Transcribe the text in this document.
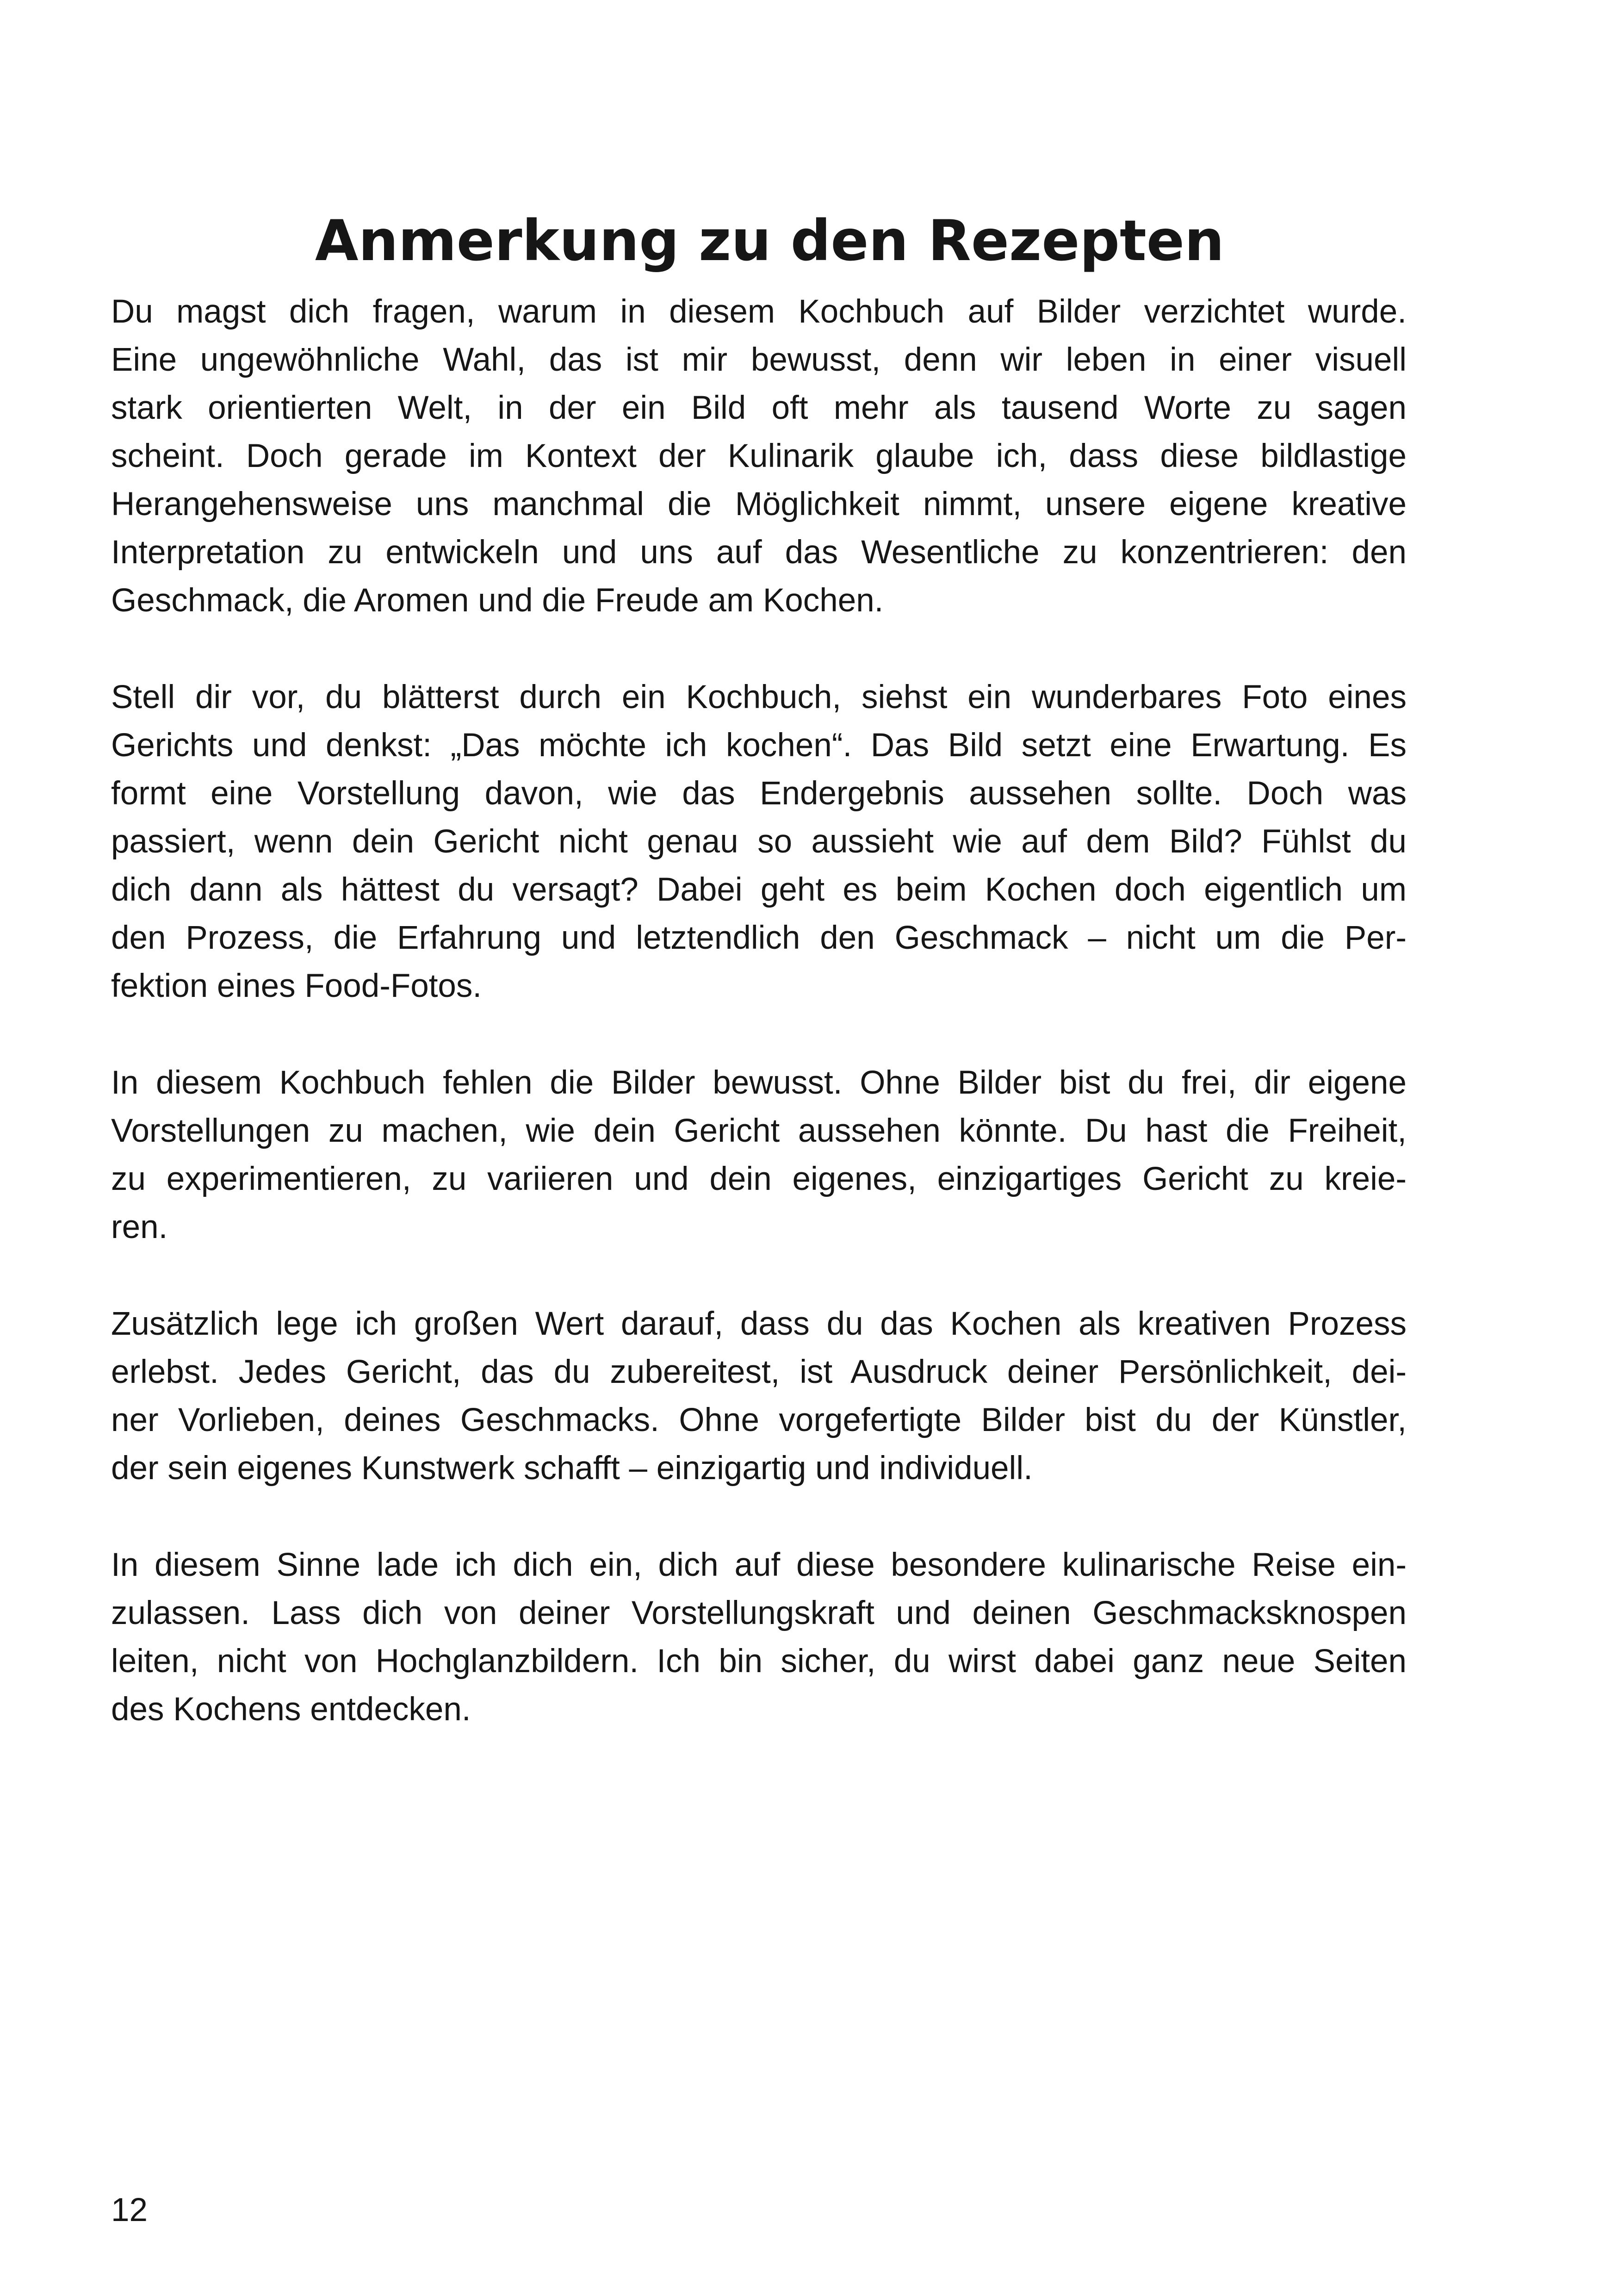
Anmerkung zu den Rezepten
Du magst dich fragen, warum in diesem Kochbuch auf Bilder verzichtet wurde.
Eine ungewöhnliche Wahl, das ist mir bewusst, denn wir leben in einer visuell
stark orientierten Welt, in der ein Bild oft mehr als tausend Worte zu sagen
scheint. Doch gerade im Kontext der Kulinarik glaube ich, dass diese bildlastige
Herangehensweise uns manchmal die Möglichkeit nimmt, unsere eigene kreative
Interpretation zu entwickeln und uns auf das Wesentliche zu konzentrieren: den
Geschmack, die Aromen und die Freude am Kochen.
Stell dir vor, du blätterst durch ein Kochbuch, siehst ein wunderbares Foto eines
Gerichts und denkst: „Das möchte ich kochen“. Das Bild setzt eine Erwartung. Es
formt eine Vorstellung davon, wie das Endergebnis aussehen sollte. Doch was
passiert, wenn dein Gericht nicht genau so aussieht wie auf dem Bild? Fühlst du
dich dann als hättest du versagt? Dabei geht es beim Kochen doch eigentlich um
den Prozess, die Erfahrung und letztendlich den Geschmack – nicht um die Per-
fektion eines Food-Fotos.
In diesem Kochbuch fehlen die Bilder bewusst. Ohne Bilder bist du frei, dir eigene
Vorstellungen zu machen, wie dein Gericht aussehen könnte. Du hast die Freiheit,
zu experimentieren, zu variieren und dein eigenes, einzigartiges Gericht zu kreie-
ren.
Zusätzlich lege ich großen Wert darauf, dass du das Kochen als kreativen Prozess
erlebst. Jedes Gericht, das du zubereitest, ist Ausdruck deiner Persönlichkeit, dei-
ner Vorlieben, deines Geschmacks. Ohne vorgefertigte Bilder bist du der Künstler,
der sein eigenes Kunstwerk schafft – einzigartig und individuell.
In diesem Sinne lade ich dich ein, dich auf diese besondere kulinarische Reise ein-
zulassen. Lass dich von deiner Vorstellungskraft und deinen Geschmacksknospen
leiten, nicht von Hochglanzbildern. Ich bin sicher, du wirst dabei ganz neue Seiten
des Kochens entdecken.
12
